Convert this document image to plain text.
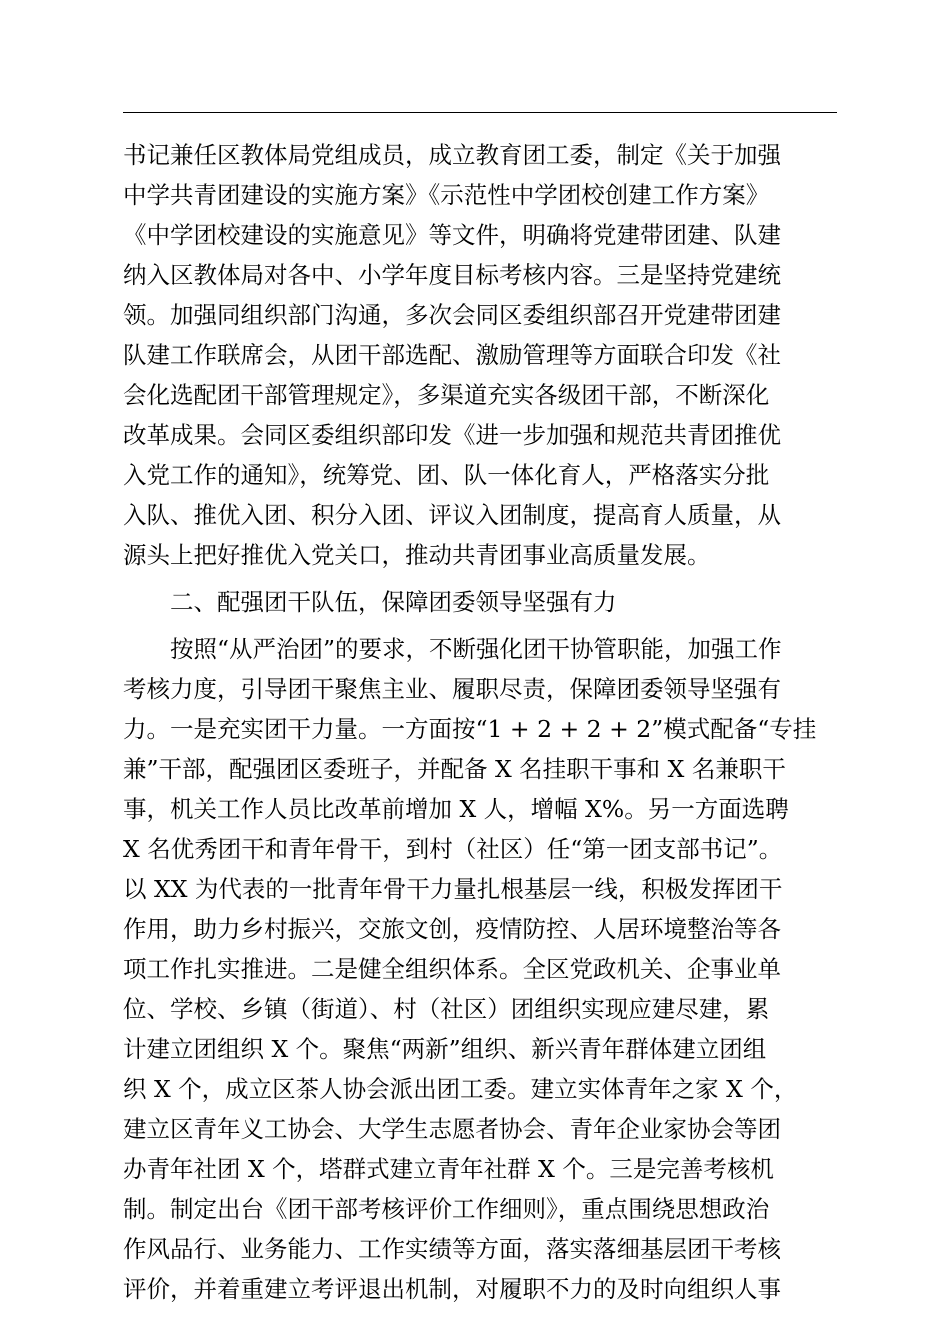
书记兼任区教体局党组成员，成立教育团工委，制定《关于加强
中学共青团建设的实施方案》《示范性中学团校创建工作方案》
《中学团校建设的实施意见》等文件，明确将党建带团建、队建
纳入区教体局对各中、小学年度目标考核内容。三是坚持党建统
领。加强同组织部门沟通，多次会同区委组织部召开党建带团建
队建工作联席会，从团干部选配、激励管理等方面联合印发《社
会化选配团干部管理规定》，多渠道充实各级团干部，不断深化
改革成果。会同区委组织部印发《进一步加强和规范共青团推优
入党工作的通知》，统筹党、团、队一体化育人，严格落实分批
入队、推优入团、积分入团、评议入团制度，提高育人质量，从
源头上把好推优入党关口，推动共青团事业高质量发展。
二、配强团干队伍，保障团委领导坚强有力
按照“从严治团”的要求，不断强化团干协管职能，加强工作
考核力度，引导团干聚焦主业、履职尽责，保障团委领导坚强有
力。一是充实团干力量。一方面按“1 + 2 + 2 + 2”模式配备“专挂
兼”干部，配强团区委班子，并配备 X 名挂职干事和 X 名兼职干
事，机关工作人员比改革前增加 X 人，增幅 X%。另一方面选聘
X 名优秀团干和青年骨干，到村（社区）任“第一团支部书记”。
以 XX 为代表的一批青年骨干力量扎根基层一线，积极发挥团干
作用，助力乡村振兴，交旅文创，疫情防控、人居环境整治等各
项工作扎实推进。二是健全组织体系。全区党政机关、企事业单
位、学校、乡镇（街道）、村（社区）团组织实现应建尽建，累
计建立团组织 X 个。聚焦“两新”组织、新兴青年群体建立团组
织 X 个，成立区茶人协会派出团工委。建立实体青年之家 X 个，
建立区青年义工协会、大学生志愿者协会、青年企业家协会等团
办青年社团 X 个，塔群式建立青年社群 X 个。三是完善考核机
制。制定出台《团干部考核评价工作细则》，重点围绕思想政治
作风品行、业务能力、工作实绩等方面，落实落细基层团干考核
评价，并着重建立考评退出机制，对履职不力的及时向组织人事
